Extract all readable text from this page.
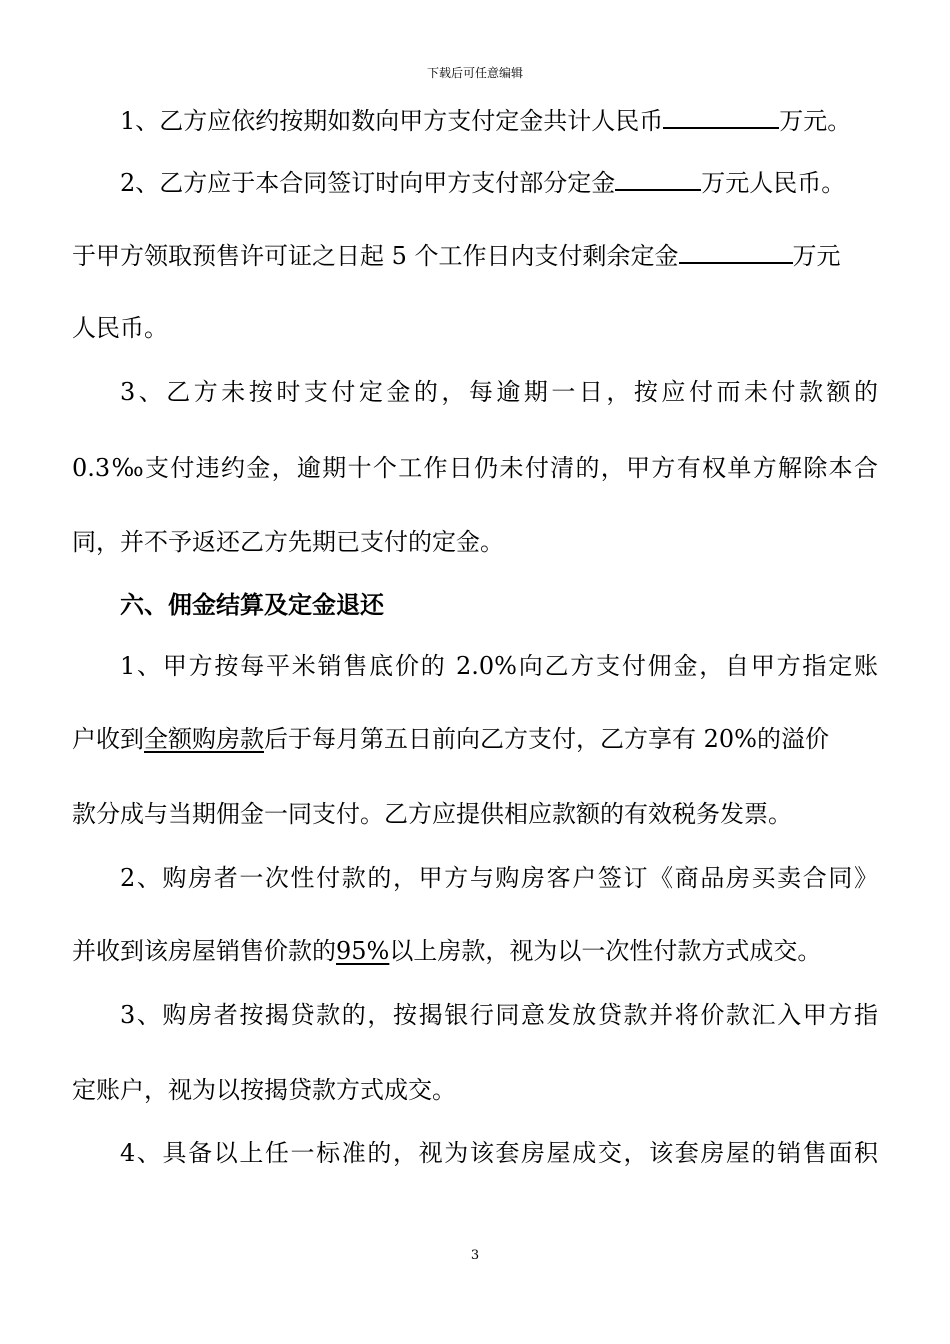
下载后可任意编辑
1、乙方应依约按期如数向甲方支付定金共计人民币	万元。
2、乙方应于本合同签订时向甲方支付部分定金	万元人民币。
于甲方领取预售许可证之日起 5 个工作日内支付剩余定金	万元
人民币。
3、乙方未按时支付定金的，每逾期一日，按应付而未付款额的
0.3‰支付违约金，逾期十个工作日仍未付清的，甲方有权单方解除本合
同，并不予返还乙方先期已支付的定金。
六、佣金结算及定金退还
1、甲方按每平米销售底价的 2.0%向乙方支付佣金，自甲方指定账
户收到全额购房款后于每月第五日前向乙方支付，乙方享有 20%的溢价
款分成与当期佣金一同支付。乙方应提供相应款额的有效税务发票。
2、购房者一次性付款的，甲方与购房客户签订《商品房买卖合同》
并收到该房屋销售价款的95%以上房款，视为以一次性付款方式成交。
3、购房者按揭贷款的，按揭银行同意发放贷款并将价款汇入甲方指
定账户，视为以按揭贷款方式成交。
4、具备以上任一标准的，视为该套房屋成交，该套房屋的销售面积
3
